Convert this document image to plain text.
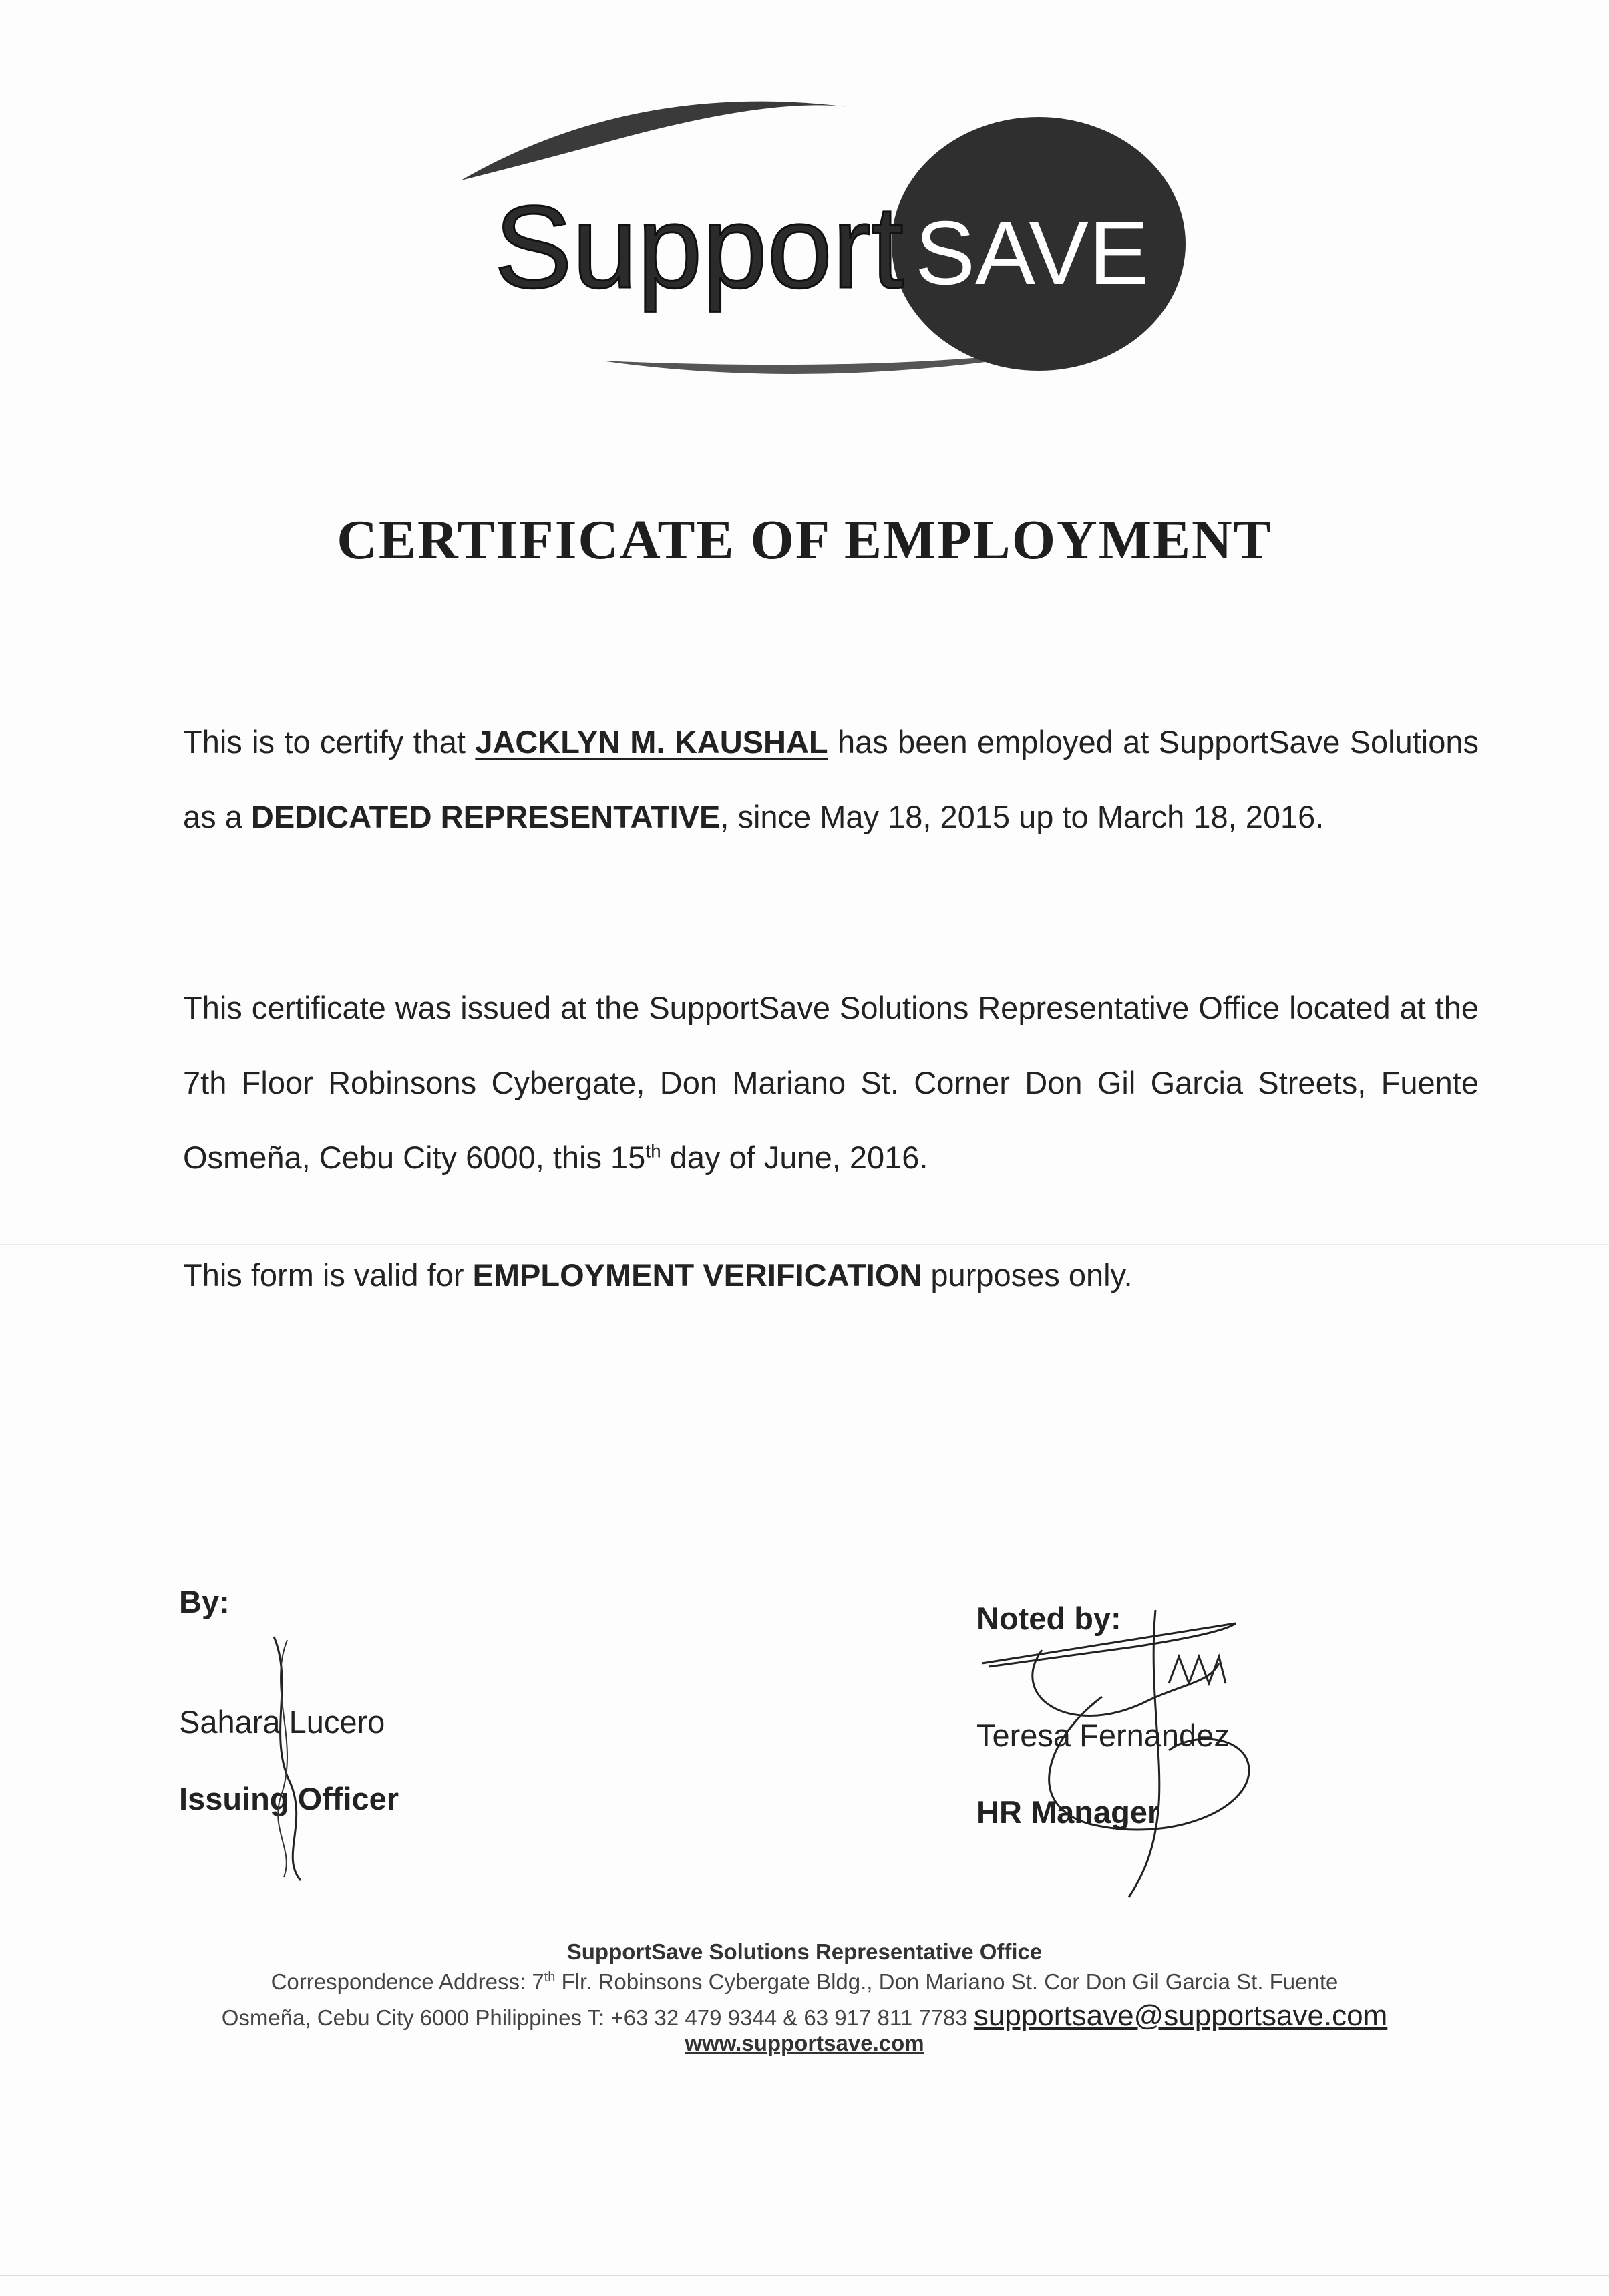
Support SAVE
CERTIFICATE OF EMPLOYMENT
This is to certify that JACKLYN M. KAUSHAL has been employed at SupportSave Solutions as a DEDICATED REPRESENTATIVE, since May 18, 2015 up to March 18, 2016.
This certificate was issued at the SupportSave Solutions Representative Office located at the 7th Floor Robinsons Cybergate, Don Mariano St. Corner Don Gil Garcia Streets, Fuente Osmeña, Cebu City 6000, this 15th day of June, 2016.
This form is valid for EMPLOYMENT VERIFICATION purposes only.
By:
Sahara Lucero
Issuing Officer
Noted by:
Teresa Fernandez
HR Manager
SupportSave Solutions Representative Office
Correspondence Address: 7th Flr. Robinsons Cybergate Bldg., Don Mariano St. Cor Don Gil Garcia St. Fuente
Osmeña, Cebu City 6000 Philippines T: +63 32 479 9344 & 63 917 811 7783 supportsave@supportsave.com
www.supportsave.com
